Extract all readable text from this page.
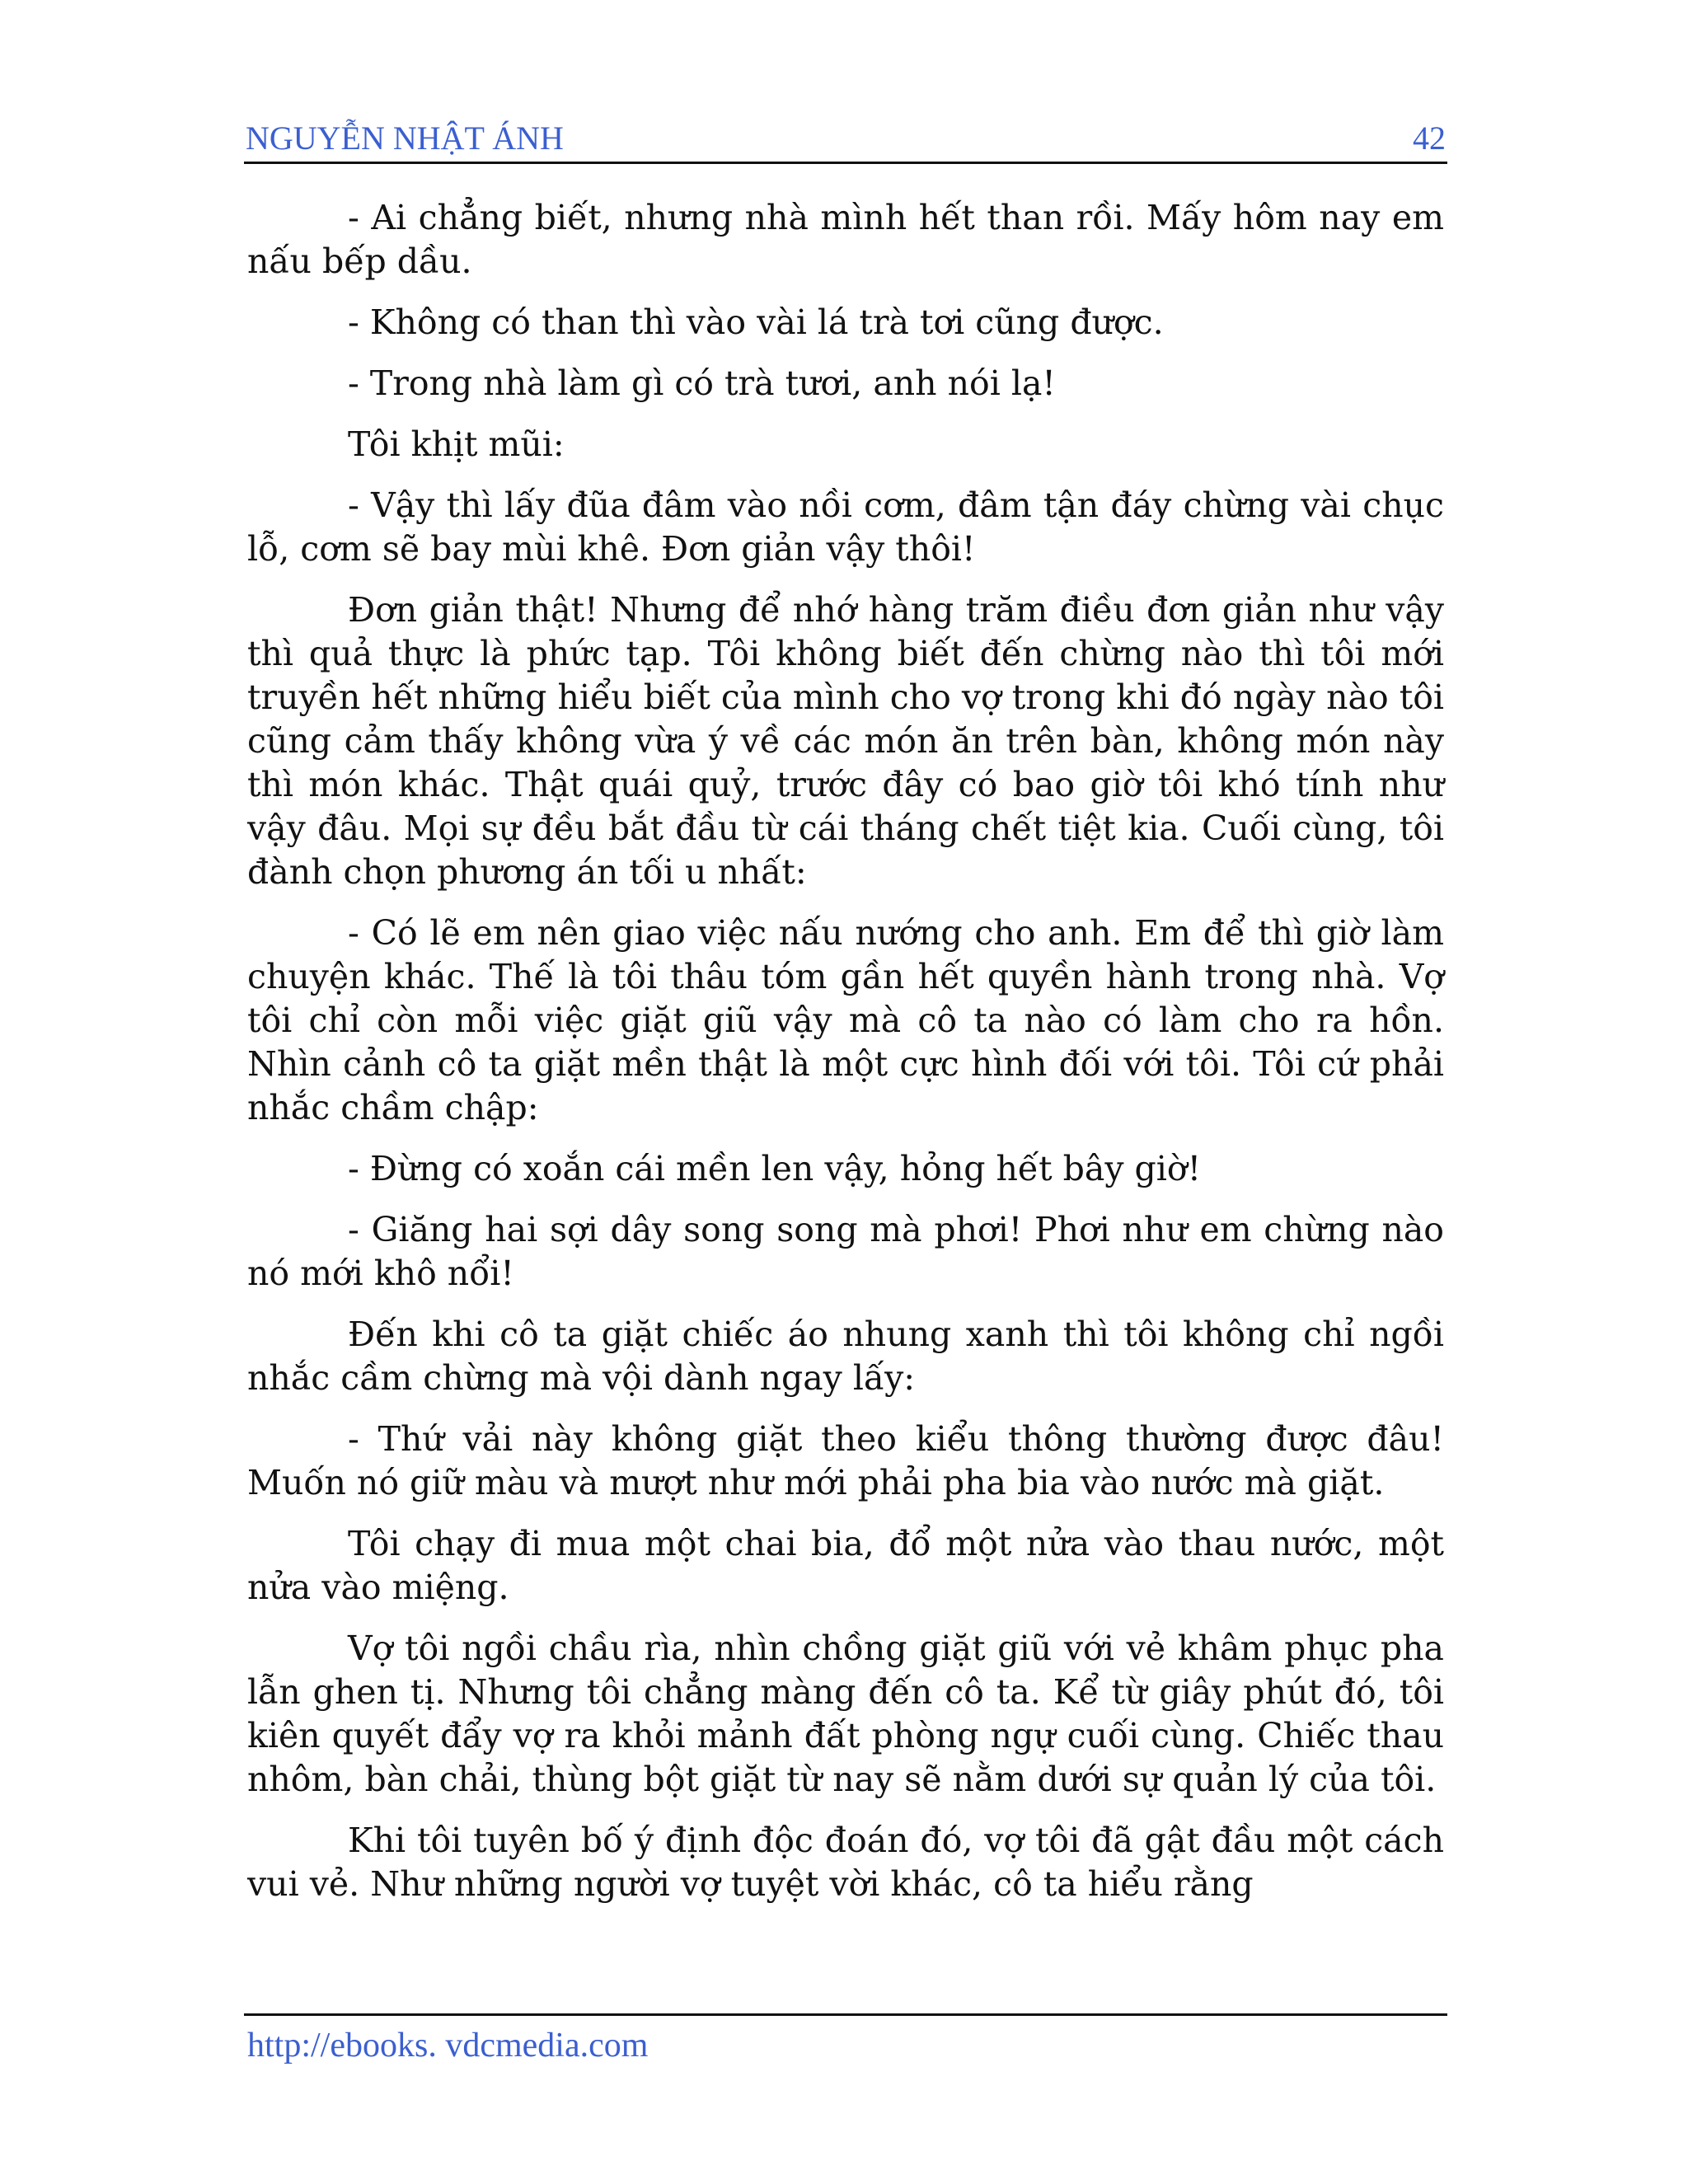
NGUYỄN NHẬT ÁNH	42

- Ai chẳng biết, nhưng nhà mình hết than rồi. Mấy hôm nay em nấu bếp dầu.

- Không có than thì vào vài lá trà tơi cũng được.

- Trong nhà làm gì có trà tươi, anh nói lạ!

Tôi khịt mũi:

- Vậy thì lấy đũa đâm vào nồi cơm, đâm tận đáy chừng vài chục lỗ, cơm sẽ bay mùi khê. Đơn giản vậy thôi!

Đơn giản thật! Nhưng để nhớ hàng trăm điều đơn giản như vậy thì quả thực là phức tạp. Tôi không biết đến chừng nào thì tôi mới truyền hết những hiểu biết của mình cho vợ trong khi đó ngày nào tôi cũng cảm thấy không vừa ý về các món ăn trên bàn, không món này thì món khác. Thật quái quỷ, trước đây có bao giờ tôi khó tính như vậy đâu. Mọi sự đều bắt đầu từ cái tháng chết tiệt kia. Cuối cùng, tôi đành chọn phương án tối u nhất:

- Có lẽ em nên giao việc nấu nướng cho anh. Em để thì giờ làm chuyện khác. Thế là tôi thâu tóm gần hết quyền hành trong nhà. Vợ tôi chỉ còn mỗi việc giặt giũ vậy mà cô ta nào có làm cho ra hồn. Nhìn cảnh cô ta giặt mền thật là một cực hình đối với tôi. Tôi cứ phải nhắc chầm chập:

- Đừng có xoắn cái mền len vậy, hỏng hết bây giờ!

- Giăng hai sợi dây song song mà phơi! Phơi như em chừng nào nó mới khô nổi!

Đến khi cô ta giặt chiếc áo nhung xanh thì tôi không chỉ ngồi nhắc cầm chừng mà vội dành ngay lấy:

- Thứ vải này không giặt theo kiểu thông thường được đâu! Muốn nó giữ màu và mượt như mới phải pha bia vào nước mà giặt.

Tôi chạy đi mua một chai bia, đổ một nửa vào thau nước, một nửa vào miệng.

Vợ tôi ngồi chầu rìa, nhìn chồng giặt giũ với vẻ khâm phục pha lẫn ghen tị. Nhưng tôi chẳng màng đến cô ta. Kể từ giây phút đó, tôi kiên quyết đẩy vợ ra khỏi mảnh đất phòng ngự cuối cùng. Chiếc thau nhôm, bàn chải, thùng bột giặt từ nay sẽ nằm dưới sự quản lý của tôi.

Khi tôi tuyên bố ý định độc đoán đó, vợ tôi đã gật đầu một cách vui vẻ. Như những người vợ tuyệt vời khác, cô ta hiểu rằng

http://ebooks. vdcmedia.com
